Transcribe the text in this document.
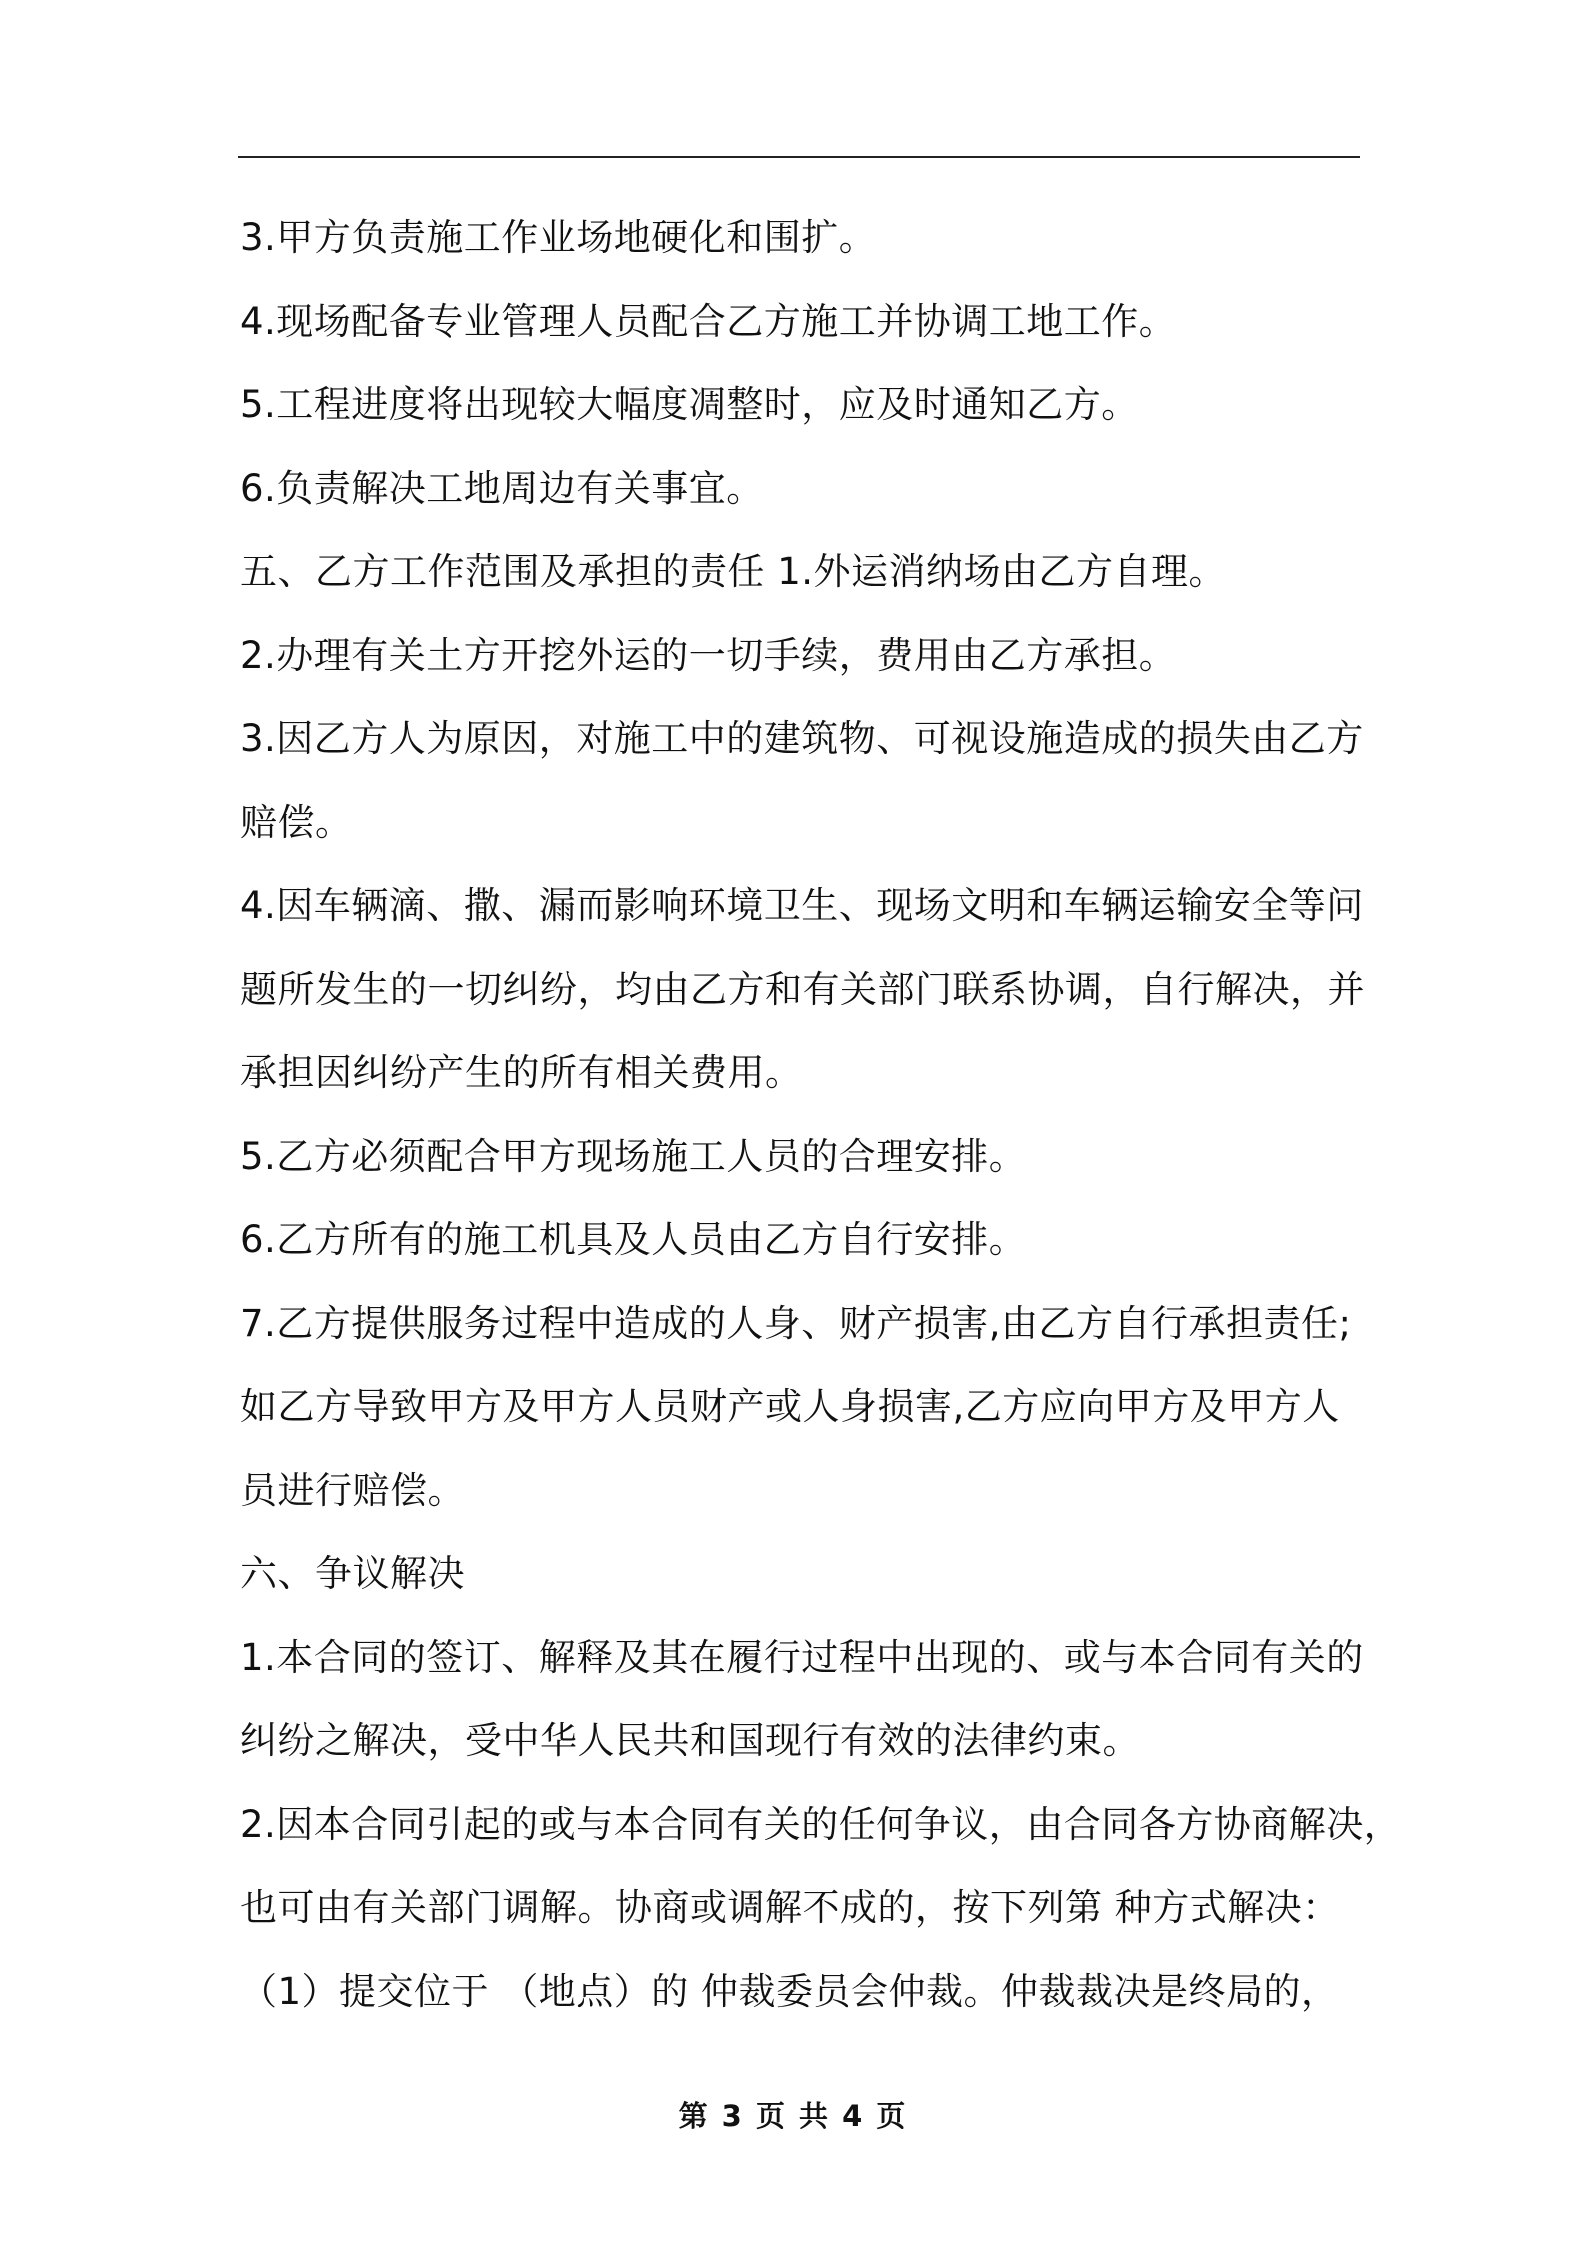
3.甲方负责施工作业场地硬化和围扩。
4.现场配备专业管理人员配合乙方施工并协调工地工作。
5.工程进度将出现较大幅度凋整时，应及时通知乙方。
6.负责解决工地周边有关事宜。
五、乙方工作范围及承担的责任 1.外运消纳场由乙方自理。
2.办理有关土方开挖外运的一切手续，费用由乙方承担。
3.因乙方人为原因，对施工中的建筑物、可视设施造成的损失由乙方
赔偿。
4.因车辆滴、撒、漏而影响环境卫生、现场文明和车辆运输安全等问
题所发生的一切纠纷，均由乙方和有关部门联系协调，自行解决，并
承担因纠纷产生的所有相关费用。
5.乙方必须配合甲方现场施工人员的合理安排。
6.乙方所有的施工机具及人员由乙方自行安排。
7.乙方提供服务过程中造成的人身、财产损害,由乙方自行承担责任;
如乙方导致甲方及甲方人员财产或人身损害,乙方应向甲方及甲方人
员进行赔偿。
六、争议解决
1.本合同的签订、解释及其在履行过程中出现的、或与本合同有关的
纠纷之解决，受中华人民共和国现行有效的法律约束。
2.因本合同引起的或与本合同有关的任何争议，由合同各方协商解决，
也可由有关部门调解。协商或调解不成的，按下列第 种方式解决：
（1）提交位于 （地点）的 仲裁委员会仲裁。仲裁裁决是终局的，
第 3 页 共 4 页
